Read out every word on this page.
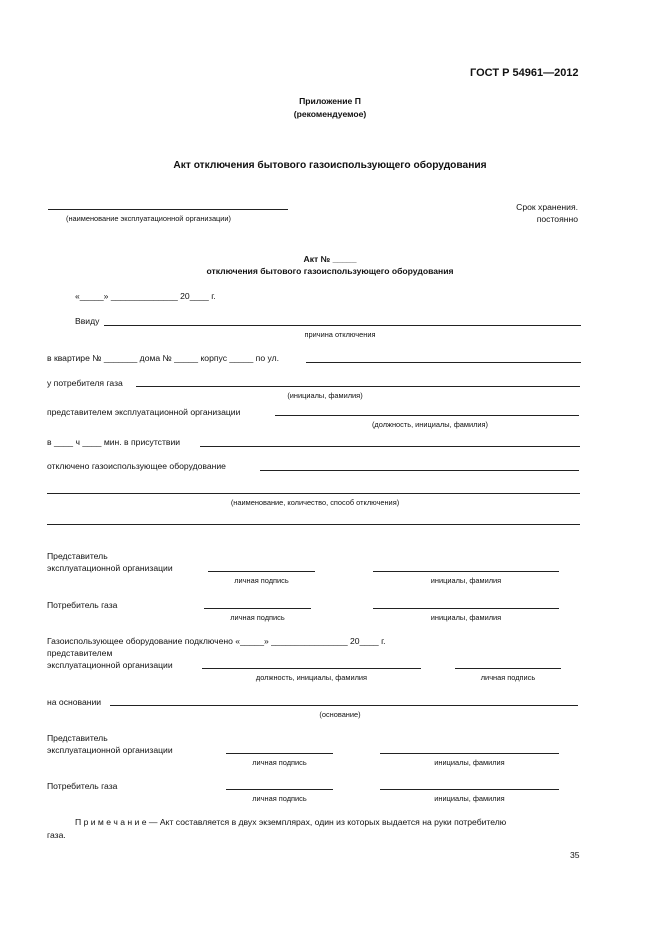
ГОСТ Р 54961—2012
Приложение П
(рекомендуемое)
Акт отключения бытового газоиспользующего оборудования
(наименование эксплуатационной организации)
Срок хранения.
постоянно
Акт № _____
отключения бытового газоиспользующего оборудования
«_____» ______________ 20____ г.
Ввиду
причина отключения
в квартире № _______ дома № _____ корпус _____ по ул.
у потребителя газа
(инициалы, фамилия)
представителем эксплуатационной организации
(должность, инициалы, фамилия)
в ____ ч ____ мин. в присутствии
отключено газоиспользующее оборудование
(наименование, количество, способ отключения)
Представитель
эксплуатационной организации
личная подпись	инициалы, фамилия
Потребитель газа
личная подпись	инициалы, фамилия
Газоиспользующее оборудование подключено «_____» ________________ 20____ г.
представителем
эксплуатационной организации
должность, инициалы, фамилия	личная подпись
на основании
(основание)
Представитель
эксплуатационной организации
личная подпись	инициалы, фамилия
Потребитель газа
личная подпись	инициалы, фамилия
П р и м е ч а н и е — Акт составляется в двух экземплярах, один из которых выдается на руки потребителю
газа.
35
